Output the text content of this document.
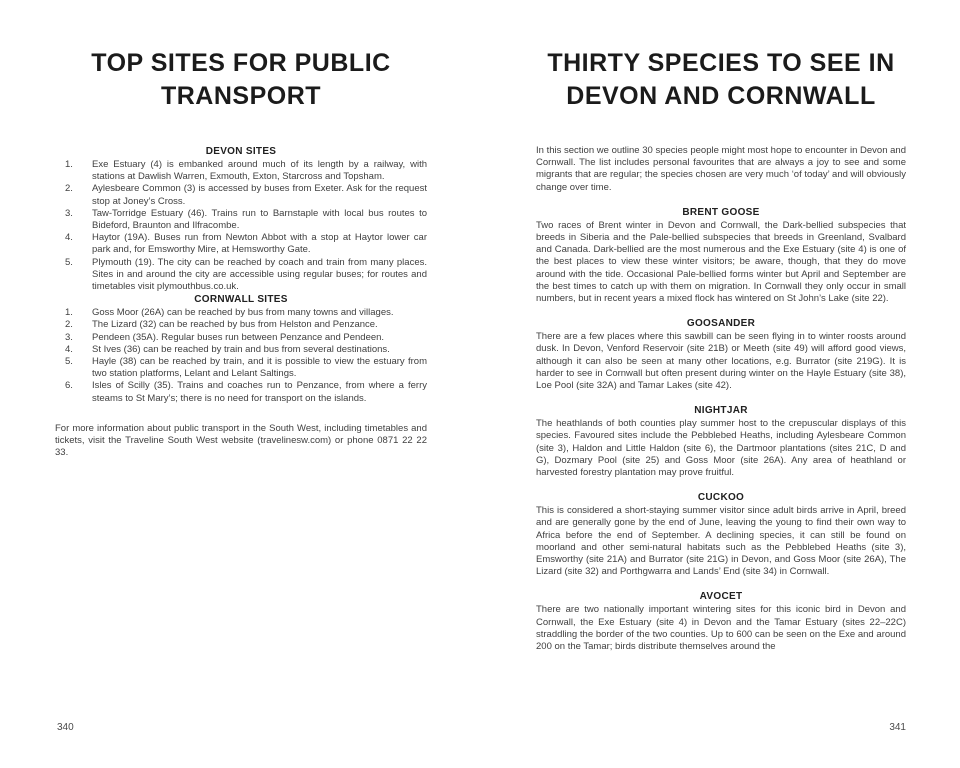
TOP SITES FOR PUBLIC TRANSPORT
DEVON SITES
Exe Estuary (4) is embanked around much of its length by a railway, with stations at Dawlish Warren, Exmouth, Exton, Starcross and Topsham.
Aylesbeare Common (3) is accessed by buses from Exeter. Ask for the request stop at Joney’s Cross.
Taw-Torridge Estuary (46). Trains run to Barnstaple with local bus routes to Bideford, Braunton and Ilfracombe.
Haytor (19A). Buses run from Newton Abbot with a stop at Haytor lower car park and, for Emsworthy Mire, at Hemsworthy Gate.
Plymouth (19). The city can be reached by coach and train from many places. Sites in and around the city are accessible using regular buses; for routes and timetables visit plymouthbus.co.uk.
CORNWALL SITES
Goss Moor (26A) can be reached by bus from many towns and villages.
The Lizard (32) can be reached by bus from Helston and Penzance.
Pendeen (35A). Regular buses run between Penzance and Pendeen.
St Ives (36) can be reached by train and bus from several destinations.
Hayle (38) can be reached by train, and it is possible to view the estuary from two station platforms, Lelant and Lelant Saltings.
Isles of Scilly (35). Trains and coaches run to Penzance, from where a ferry steams to St Mary’s; there is no need for transport on the islands.

For more information about public transport in the South West, including timetables and tickets, visit the Traveline South West website (travelinesw.com) or phone 0871 22 22 33.

340
THIRTY SPECIES TO SEE IN DEVON AND CORNWALL

In this section we outline 30 species people might most hope to encounter in Devon and Cornwall. The list includes personal favourites that are always a joy to see and some migrants that are regular; the species chosen are very much ‘of today’ and will obviously change over time.

BRENT GOOSE

Two races of Brent winter in Devon and Cornwall, the Dark-bellied subspecies that breeds in Siberia and the Pale-bellied subspecies that breeds in Greenland, Svalbard and Canada. Dark-bellied are the most numerous and the Exe Estuary (site 4) is one of the best places to view these winter visitors; be aware, though, that they do move around with the tide. Occasional Pale-bellied forms winter but April and September are the best times to catch up with them on migration. In Cornwall they only occur in small numbers, but in recent years a mixed flock has wintered on St John’s Lake (site 22).

GOOSANDER

There are a few places where this sawbill can be seen flying in to winter roosts around dusk. In Devon, Venford Reservoir (site 21B) or Meeth (site 49) will afford good views, although it can also be seen at many other locations, e.g. Burrator (site 219G). It is harder to see in Cornwall but often present during winter on the Hayle Estuary (site 38), Loe Pool (site 32A) and Tamar Lakes (site 42).

NIGHTJAR

The heathlands of both counties play summer host to the crepuscular displays of this species. Favoured sites include the Pebblebed Heaths, including Aylesbeare Common (site 3), Haldon and Little Haldon (site 6), the Dartmoor plantations (sites 21C, D and G), Dozmary Pool (site 25) and Goss Moor (site 26A). Any area of heathland or harvested forestry plantation may prove fruitful.

CUCKOO

This is considered a short-staying summer visitor since adult birds arrive in April, breed and are generally gone by the end of June, leaving the young to find their own way to Africa before the end of September. A declining species, it can still be found on moorland and other semi-natural habitats such as the Pebblebed Heaths (site 3), Emsworthy (site 21A) and Burrator (site 21G) in Devon, and Goss Moor (site 26A), The Lizard (site 32) and Porthgwarra and Lands’ End (site 34) in Cornwall.

AVOCET

There are two nationally important wintering sites for this iconic bird in Devon and Cornwall, the Exe Estuary (site 4) in Devon and the Tamar Estuary (sites 22–22C) straddling the border of the two counties. Up to 600 can be seen on the Exe and around 200 on the Tamar; birds distribute themselves around the

341
